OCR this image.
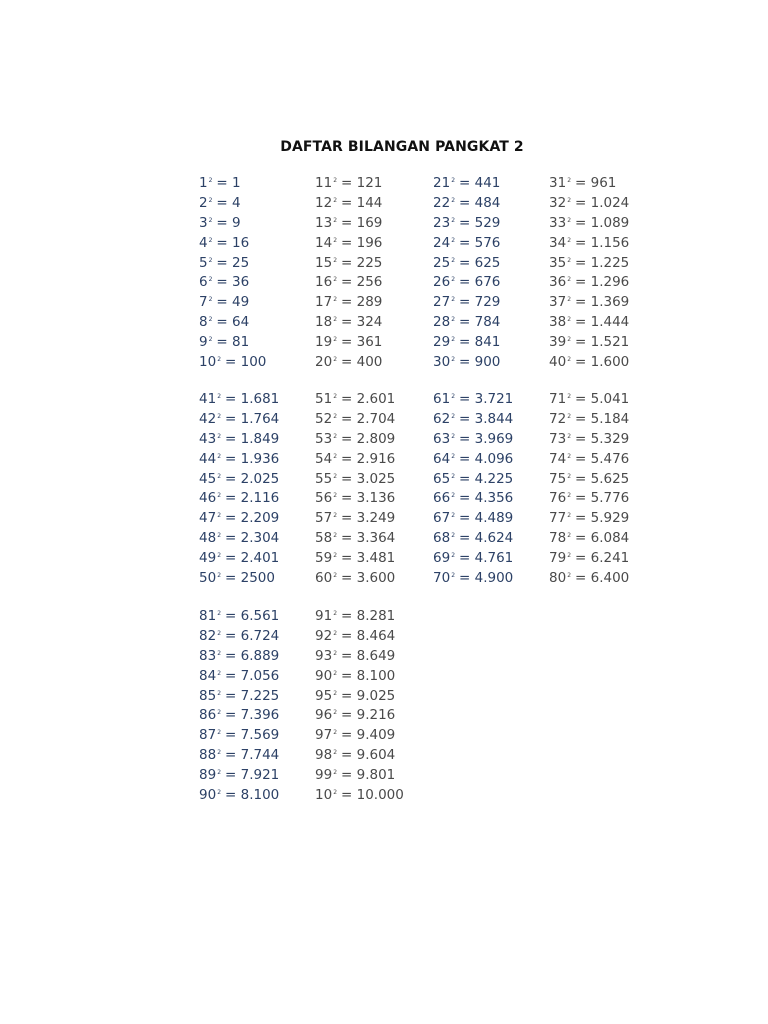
DAFTAR BILANGAN PANGKAT 2
$1^2 = 1$
$2^2 = 4$
$3^2 = 9$
$4^2 = 16$
$5^2 = 25$
$6^2 = 36$
$7^2 = 49$
$8^2 = 64$
$9^2 = 81$
$10^2 = 100$
$11^2 = 121$
$12^2 = 144$
$13^2 = 169$
$14^2 = 196$
$15^2 = 225$
$16^2 = 256$
$17^2 = 289$
$18^2 = 324$
$19^2 = 361$
$20^2 = 400$
$21^2 = 441$
$22^2 = 484$
$23^2 = 529$
$24^2 = 576$
$25^2 = 625$
$26^2 = 676$
$27^2 = 729$
$28^2 = 784$
$29^2 = 841$
$30^2 = 900$
$31^2 = 961$
$32^2 = 1.024$
$33^2 = 1.089$
$34^2 = 1.156$
$35^2 = 1.225$
$36^2 = 1.296$
$37^2 = 1.369$
$38^2 = 1.444$
$39^2 = 1.521$
$40^2 = 1.600$
$41^2 = 1.681$
$42^2 = 1.764$
$43^2 = 1.849$
$44^2 = 1.936$
$45^2 = 2.025$
$46^2 = 2.116$
$47^2 = 2.209$
$48^2 = 2.304$
$49^2 = 2.401$
$50^2 = 2500$
$51^2 = 2.601$
$52^2 = 2.704$
$53^2 = 2.809$
$54^2 = 2.916$
$55^2 = 3.025$
$56^2 = 3.136$
$57^2 = 3.249$
$58^2 = 3.364$
$59^2 = 3.481$
$60^2 = 3.600$
$61^2 = 3.721$
$62^2 = 3.844$
$63^2 = 3.969$
$64^2 = 4.096$
$65^2 = 4.225$
$66^2 = 4.356$
$67^2 = 4.489$
$68^2 = 4.624$
$69^2 = 4.761$
$70^2 = 4.900$
$71^2 = 5.041$
$72^2 = 5.184$
$73^2 = 5.329$
$74^2 = 5.476$
$75^2 = 5.625$
$76^2 = 5.776$
$77^2 = 5.929$
$78^2 = 6.084$
$79^2 = 6.241$
$80^2 = 6.400$
$81^2 = 6.561$
$82^2 = 6.724$
$83^2 = 6.889$
$84^2 = 7.056$
$85^2 = 7.225$
$86^2 = 7.396$
$87^2 = 7.569$
$88^2 = 7.744$
$89^2 = 7.921$
$90^2 = 8.100$
$91^2 = 8.281$
$92^2 = 8.464$
$93^2 = 8.649$
$90^2 = 8.100$
$95^2 = 9.025$
$96^2 = 9.216$
$97^2 = 9.409$
$98^2 = 9.604$
$99^2 = 9.801$
$10^2 = 10.000$
